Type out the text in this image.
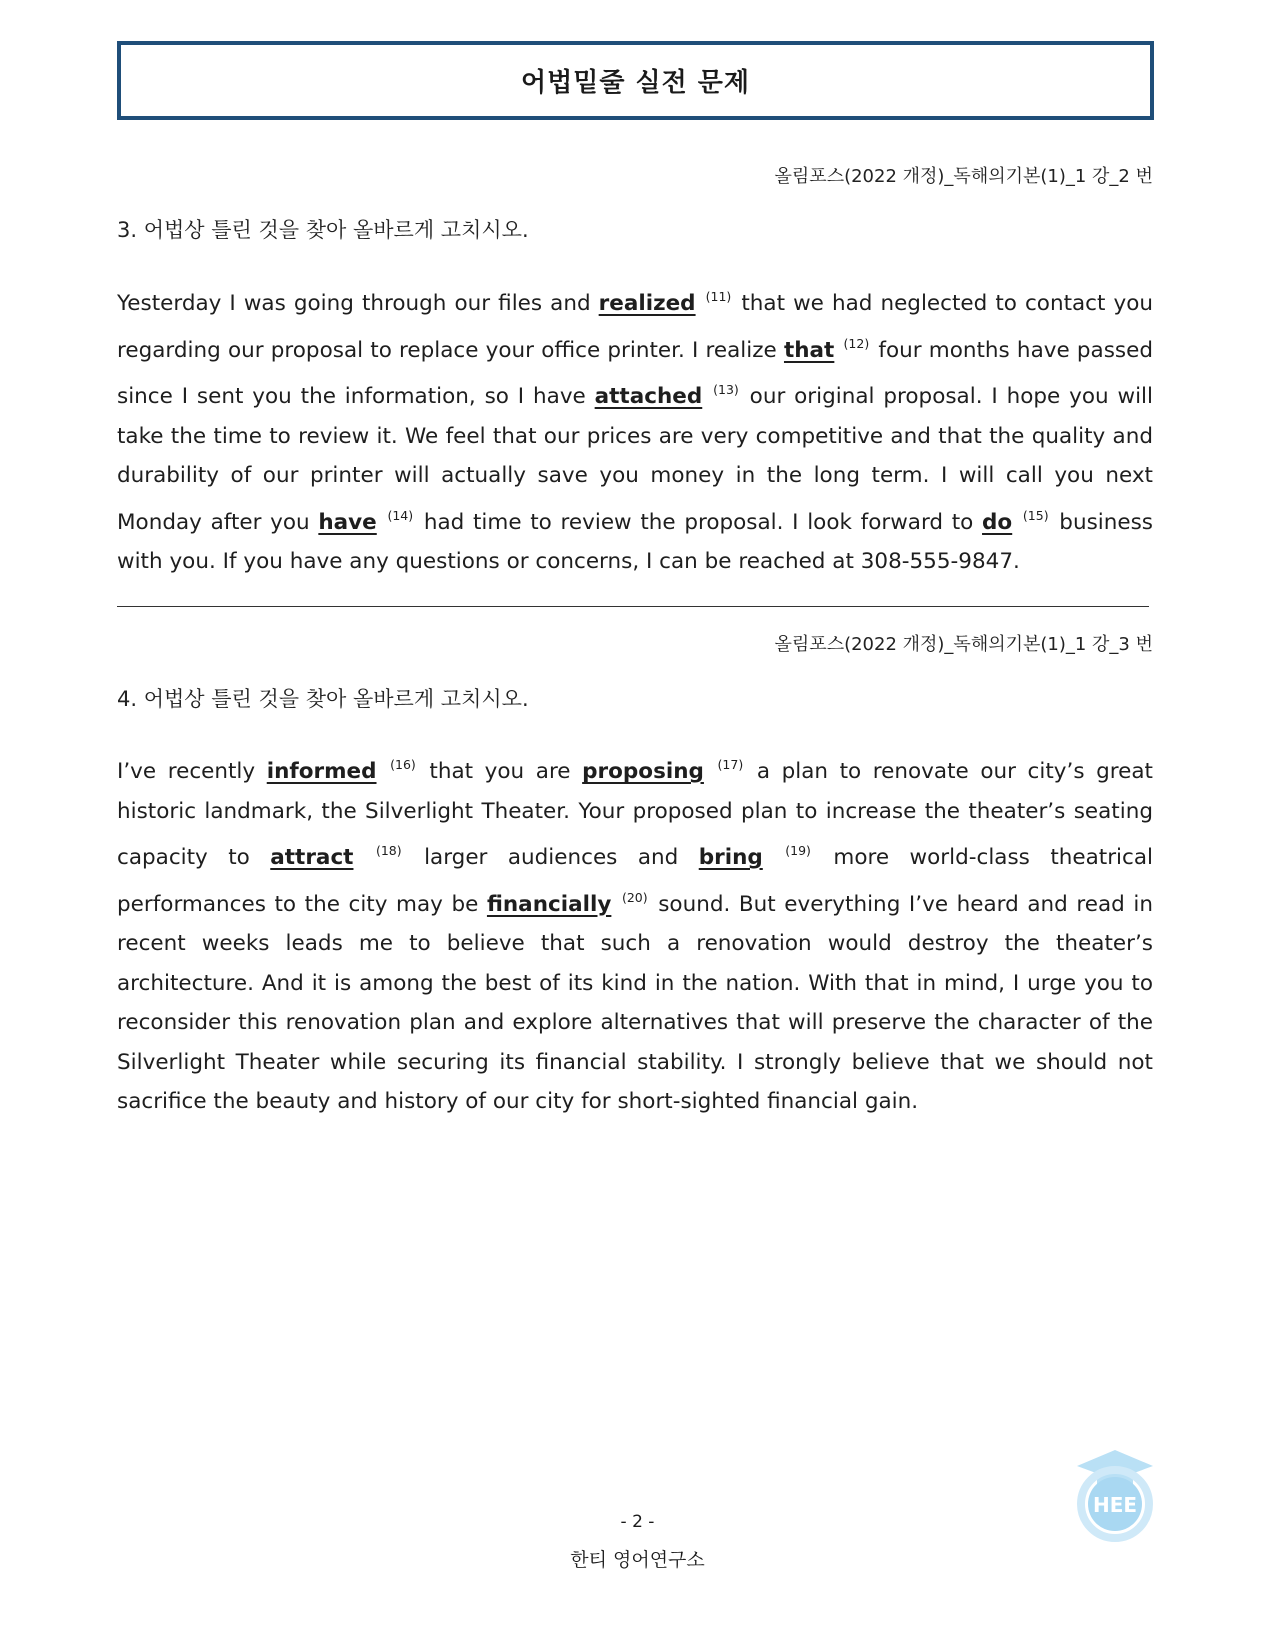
어법밑줄 실전 문제
올림포스(2022 개정)_독해의기본(1)_1 강_2 번
3. 어법상 틀린 것을 찾아 올바르게 고치시오.
Yesterday I was going through our files and realized $^{(11)}$ that we had neglected to contact you regarding our proposal to replace your office printer. I realize that $^{(12)}$ four months have passed since I sent you the information, so I have attached $^{(13)}$ our original proposal. I hope you will take the time to review it. We feel that our prices are very competitive and that the quality and durability of our printer will actually save you money in the long term. I will call you next Monday after you have $^{(14)}$ had time to review the proposal. I look forward to do $^{(15)}$ business with you. If you have any questions or concerns, I can be reached at 308-555-9847.
올림포스(2022 개정)_독해의기본(1)_1 강_3 번
4. 어법상 틀린 것을 찾아 올바르게 고치시오.
I’ve recently informed $^{(16)}$ that you are proposing $^{(17)}$ a plan to renovate our city’s great historic landmark, the Silverlight Theater. Your proposed plan to increase the theater’s seating capacity to attract $^{(18)}$ larger audiences and bring $^{(19)}$ more world-class theatrical performances to the city may be financially $^{(20)}$ sound. But everything I’ve heard and read in recent weeks leads me to believe that such a renovation would destroy the theater’s architecture. And it is among the best of its kind in the nation. With that in mind, I urge you to reconsider this renovation plan and explore alternatives that will preserve the character of the Silverlight Theater while securing its financial stability. I strongly believe that we should not sacrifice the beauty and history of our city for short-sighted financial gain.
HEE
- 2 -
한티 영어연구소
